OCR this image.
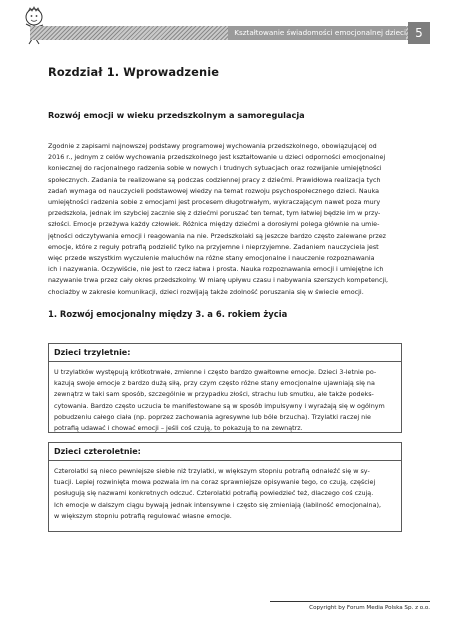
Kształtowanie świadomości emocjonalnej dzieci 5
Rozdział 1. Wprowadzenie
Rozwój emocji w wieku przedszkolnym a samoregulacja
Zgodnie z zapisami najnowszej podstawy programowej wychowania przedszkolnego, obowiązującej od
2016 r., jednym z celów wychowania przedszkolnego jest kształtowanie u dzieci odporności emocjonalnej
koniecznej do racjonalnego radzenia sobie w nowych i trudnych sytuacjach oraz rozwijanie umiejętności
społecznych. Zadania te realizowane są podczas codziennej pracy z dziećmi. Prawidłowa realizacja tych
zadań wymaga od nauczycieli podstawowej wiedzy na temat rozwoju psychospołecznego dzieci. Nauka
umiejętności radzenia sobie z emocjami jest procesem długotrwałym, wykraczającym nawet poza mury
przedszkola, jednak im szybciej zacznie się z dziećmi poruszać ten temat, tym łatwiej będzie im w przy-
szłości. Emocje przeżywa każdy człowiek. Różnica między dziećmi a dorosłymi polega głównie na umie-
jętności odczytywania emocji i reagowania na nie. Przedszkolaki są jeszcze bardzo często zalewane przez
emocje, które z reguły potrafią podzielić tylko na przyjemne i nieprzyjemne. Zadaniem nauczyciela jest
więc przede wszystkim wyczulenie maluchów na różne stany emocjonalne i nauczenie rozpoznawania
ich i nazywania. Oczywiście, nie jest to rzecz łatwa i prosta. Nauka rozpoznawania emocji i umiejętne ich
nazywanie trwa przez cały okres przedszkolny. W miarę upływu czasu i nabywania szerszych kompetencji,
chociażby w zakresie komunikacji, dzieci rozwijają także zdolność poruszania się w świecie emocji.
1. Rozwój emocjonalny między 3. a 6. rokiem życia
Dzieci trzyletnie:
U trzylatków występują krótkotrwałe, zmienne i często bardzo gwałtowne emocje. Dzieci 3-letnie po-
kazują swoje emocje z bardzo dużą siłą, przy czym często różne stany emocjonalne ujawniają się na
zewnątrz w taki sam sposób, szczególnie w przypadku złości, strachu lub smutku, ale także podeks-
cytowania. Bardzo często uczucia te manifestowane są w sposób impulsywny i wyrażają się w ogólnym
pobudzeniu całego ciała (np. poprzez zachowania agresywne lub bóle brzucha). Trzylatki raczej nie
potrafią udawać i chować emocji – jeśli coś czują, to pokazują to na zewnątrz.
Dzieci czteroletnie:
Czterolatki są nieco pewniejsze siebie niż trzylatki, w większym stopniu potrafią odnaleźć się w sy-
tuacji. Lepiej rozwinięta mowa pozwala im na coraz sprawniejsze opisywanie tego, co czują, częściej
posługują się nazwami konkretnych odczuć. Czterolatki potrafią powiedzieć też, dlaczego coś czują.
Ich emocje w dalszym ciągu bywają jednak intensywne i często się zmieniają (labilność emocjonalna),
w większym stopniu potrafią regulować własne emocje.
Copyright by Forum Media Polska Sp. z o.o.
